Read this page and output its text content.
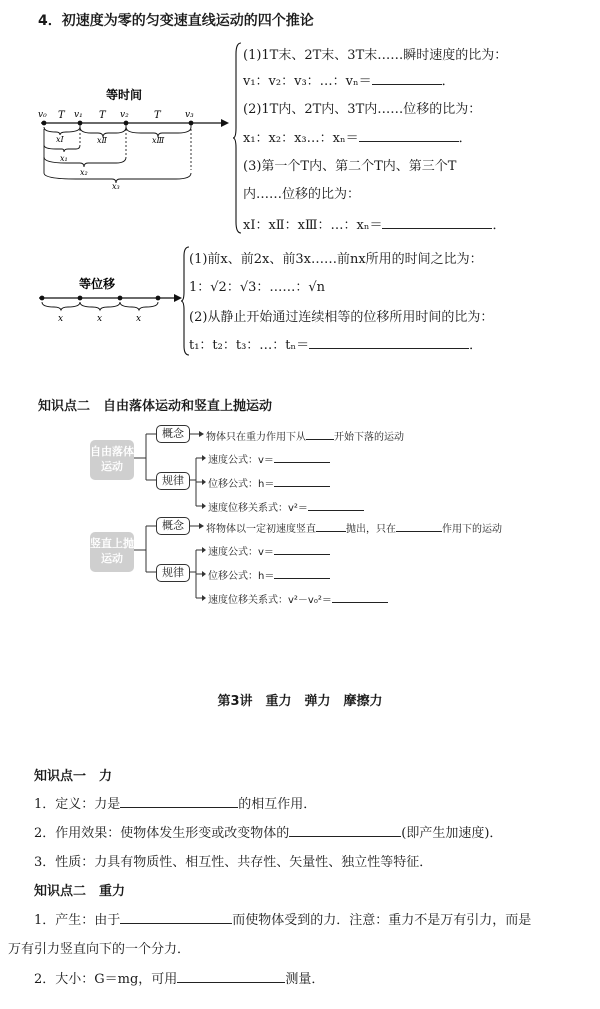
4．初速度为零的匀变速直线运动的四个推论
等时间
v₀	v₁	v₂	v₃
T	T	T
xⅡ	xⅢ
xⅠ
x₁
x₂
x₃
(1)1T末、2T末、3T末……瞬时速度的比为：
v₁：v₂：v₃：…：vₙ＝	．
(2)1T内、2T内、3T内……位移的比为：
x₁：x₂：x₃…：xₙ＝	．
(3)第一个T内、第二个T内、第三个T
内……位移的比为：
xⅠ：xⅡ：xⅢ：…：xₙ＝	．
等位移
x	x	x
(1)前x、前2x、前3x……前nx所用的时间之比为：
1：√2：√3：……：√n
(2)从静止开始通过连续相等的位移所用时间的比为：
t₁：t₂：t₃：…：tₙ＝	．
知识点二　自由落体运动和竖直上抛运动
自由落体运动
概念	物体只在重力作用下从	开始下落的运动
规律
速度公式：v＝
位移公式：h＝
速度位移关系式：v²＝
竖直上抛运动
概念	将物体以一定初速度竖直	抛出，只在	作用下的运动
规律
速度公式：v＝
位移公式：h＝
速度位移关系式：v²－v₀²＝
第3讲　重力　弹力　摩擦力
知识点一　力
1．定义：力是	的相互作用．
2．作用效果：使物体发生形变或改变物体的	(即产生加速度)．
3．性质：力具有物质性、相互性、共存性、矢量性、独立性等特征．
知识点二　重力
1．产生：由于	而使物体受到的力．注意：重力不是万有引力，而是
万有引力竖直向下的一个分力．
2．大小：G＝mg，可用	测量．
